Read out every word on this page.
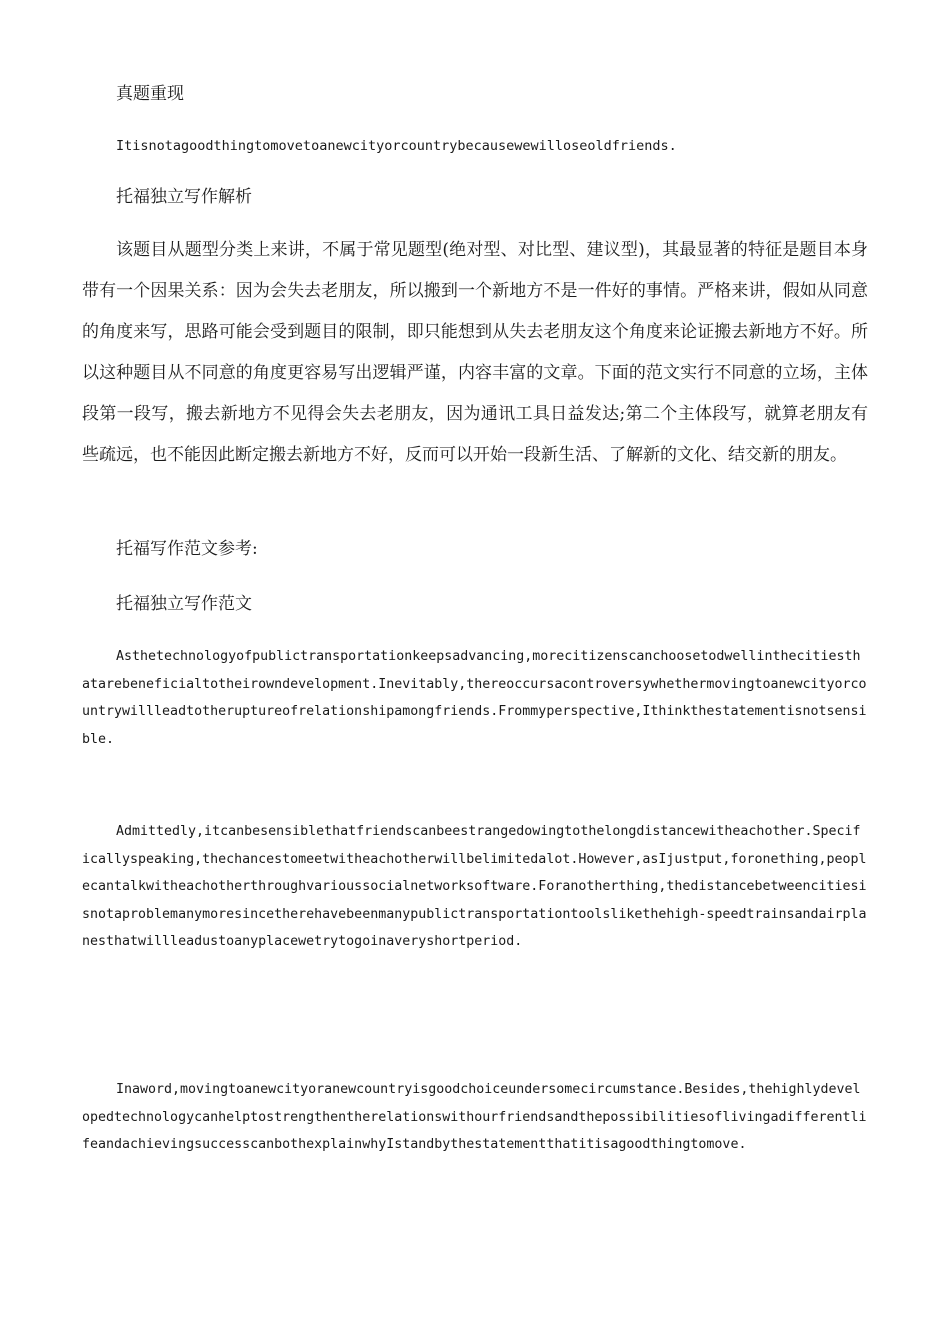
真题重现
Itisnotagoodthingtomovetoanewcityorcountrybecausewewilloseoldfriends.
托福独立写作解析

该题目从题型分类上来讲，不属于常见题型(绝对型、对比型、建议型)，其最显著的特征是题目本身带有一个因果关系：因为会失去老朋友，所以搬到一个新地方不是一件好的事情。严格来讲，假如从同意的角度来写，思路可能会受到题目的限制，即只能想到从失去老朋友这个角度来论证搬去新地方不好。所以这种题目从不同意的角度更容易写出逻辑严谨，内容丰富的文章。下面的范文实行不同意的立场，主体段第一段写，搬去新地方不见得会失去老朋友，因为通讯工具日益发达;第二个主体段写，就算老朋友有些疏远，也不能因此断定搬去新地方不好，反而可以开始一段新生活、了解新的文化、结交新的朋友。

托福写作范文参考:
托福独立写作范文

Asthetechnologyofpublictransportationkeepsadvancing,morecitizenscanchoosetodwellinthecitiesthatarebeneficialtotheirowndevelopment.Inevitably,thereoccursacontroversywhethermovingtoanewcityorcountrywillleadtotheruptureofrelationshipamongfriends.Frommyperspective,Ithinkthestatementisnotsensible.

Admittedly,itcanbesensiblethatfriendscanbeestrangedowingtothelongdistancewitheachother.Specificallyspeaking,thechancestomeetwitheachotherwillbelimitedalot.However,asIjustput,foronething,peoplecantalkwitheachotherthroughvarioussocialnetworksoftware.Foranotherthing,thedistancebetweencitiesisnotaproblemanymoresincetherehavebeenmanypublictransportationtoolslikethehigh-speedtrainsandairplanesthatwillleadustoanyplacewetrytogoinaveryshortperiod.

Inaword,movingtoanewcityoranewcountryisgoodchoiceundersomecircumstance.Besides,thehighlydevelopedtechnologycanhelptostrengthentherelationswithourfriendsandthepossibilitiesoflivingadifferentlifeandachievingsuccesscanbothexplainwhyIstandbythestatementthatitisagoodthingtomove.
